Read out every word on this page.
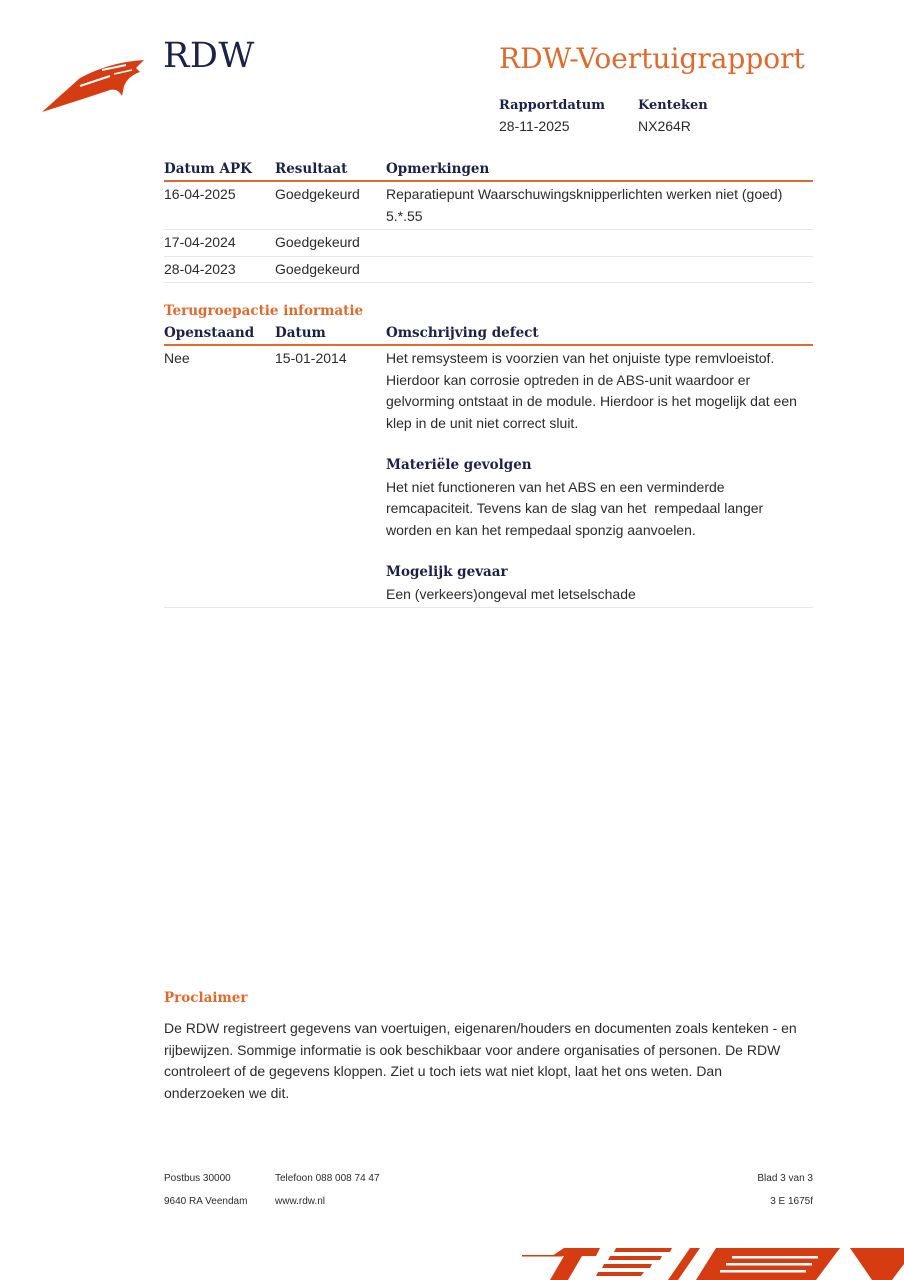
RDW	RDW-Voertuigrapport
Rapportdatum
28-11-2025
Kenteken
NX264R
Datum APK	Resultaat	Opmerkingen
16-04-2025	Goedgekeurd	Reparatiepunt Waarschuwingsknipperlichten werken niet (goed) 5.*.55
17-04-2024	Goedgekeurd	
28-04-2023	Goedgekeurd	
Terugroepactie informatie
Openstaand	Datum	Omschrijving defect
Nee	15-01-2014	Het remsysteem is voorzien van het onjuiste type remvloeistof. Hierdoor kan corrosie optreden in de ABS-unit waardoor er gelvorming ontstaat in de module. Hierdoor is het mogelijk dat een klep in de unit niet correct sluit.
Materiële gevolgen
Het niet functioneren van het ABS en een verminderde remcapaciteit. Tevens kan de slag van het  rempedaal langer worden en kan het rempedaal sponzig aanvoelen.
Mogelijk gevaar
Een (verkeers)ongeval met letselschade
Proclaimer
De RDW registreert gegevens van voertuigen, eigenaren/houders en documenten zoals kenteken - en rijbewijzen. Sommige informatie is ook beschikbaar voor andere organisaties of personen. De RDW controleert of de gegevens kloppen. Ziet u toch iets wat niet klopt, laat het ons weten. Dan onderzoeken we dit.
Postbus 30000
9640 RA Veendam
Telefoon 088 008 74 47
www.rdw.nl
Blad 3 van 3
3 E 1675f
